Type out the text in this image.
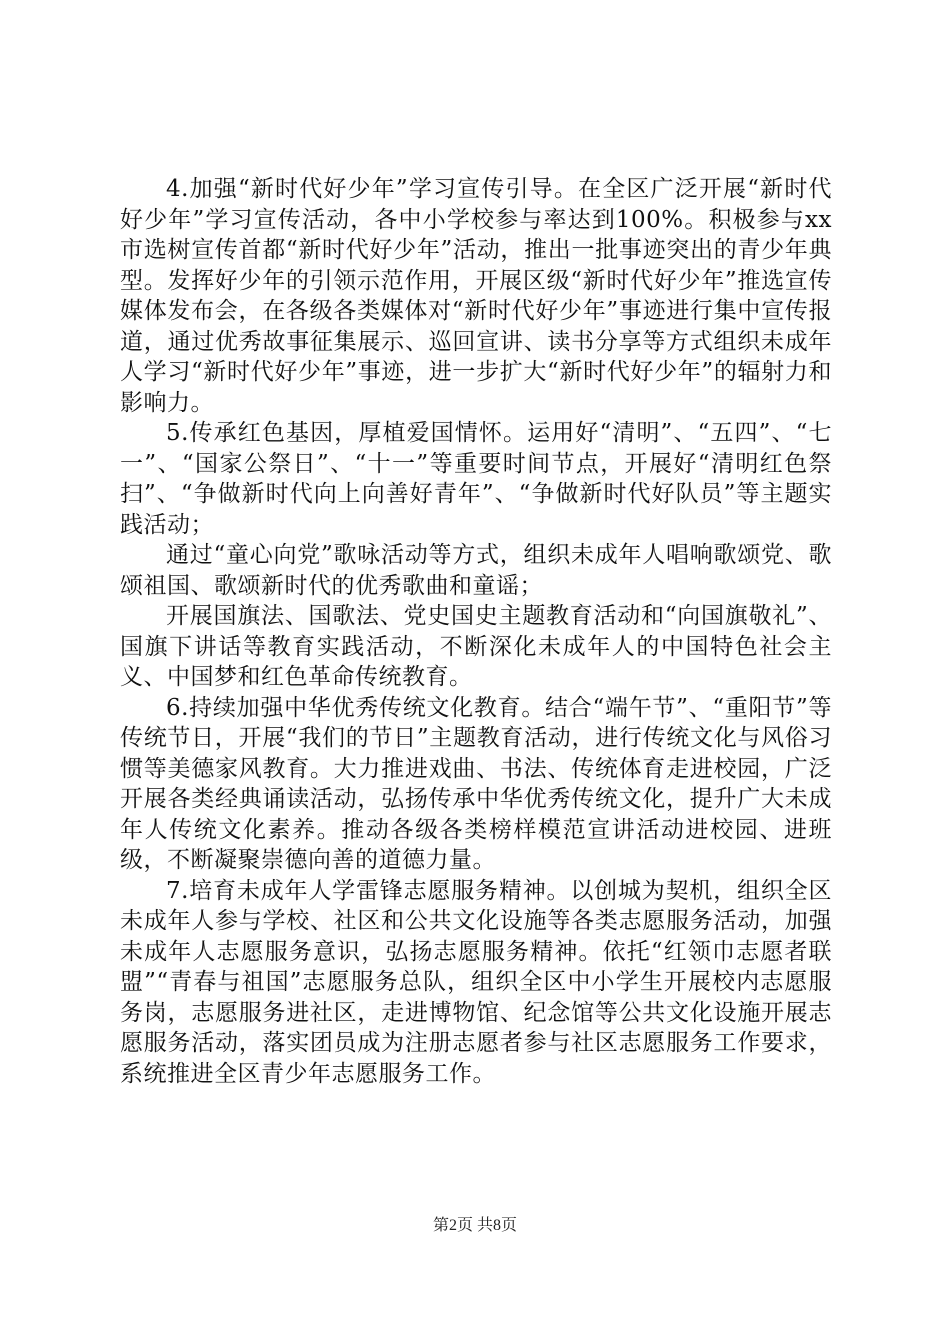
4.加强“新时代好少年”学习宣传引导。在全区广泛开展“新时代好少年”学习宣传活动，各中小学校参与率达到100%。积极参与xx市选树宣传首都“新时代好少年”活动，推出一批事迹突出的青少年典型。发挥好少年的引领示范作用，开展区级“新时代好少年”推选宣传媒体发布会，在各级各类媒体对“新时代好少年”事迹进行集中宣传报道，通过优秀故事征集展示、巡回宣讲、读书分享等方式组织未成年人学习“新时代好少年”事迹，进一步扩大“新时代好少年”的辐射力和影响力。

5.传承红色基因，厚植爱国情怀。运用好“清明”、“五四”、“七一”、“国家公祭日”、“十一”等重要时间节点，开展好“清明红色祭扫”、“争做新时代向上向善好青年”、“争做新时代好队员”等主题实践活动；

通过“童心向党”歌咏活动等方式，组织未成年人唱响歌颂党、歌颂祖国、歌颂新时代的优秀歌曲和童谣；

开展国旗法、国歌法、党史国史主题教育活动和“向国旗敬礼”、国旗下讲话等教育实践活动，不断深化未成年人的中国特色社会主义、中国梦和红色革命传统教育。

6.持续加强中华优秀传统文化教育。结合“端午节”、“重阳节”等传统节日，开展“我们的节日”主题教育活动，进行传统文化与风俗习惯等美德家风教育。大力推进戏曲、书法、传统体育走进校园，广泛开展各类经典诵读活动，弘扬传承中华优秀传统文化，提升广大未成年人传统文化素养。推动各级各类榜样模范宣讲活动进校园、进班级，不断凝聚崇德向善的道德力量。

7.培育未成年人学雷锋志愿服务精神。以创城为契机，组织全区未成年人参与学校、社区和公共文化设施等各类志愿服务活动，加强未成年人志愿服务意识，弘扬志愿服务精神。依托“红领巾志愿者联盟”“青春与祖国”志愿服务总队，组织全区中小学生开展校内志愿服务岗，志愿服务进社区，走进博物馆、纪念馆等公共文化设施开展志愿服务活动，落实团员成为注册志愿者参与社区志愿服务工作要求，系统推进全区青少年志愿服务工作。

第2页 共8页
